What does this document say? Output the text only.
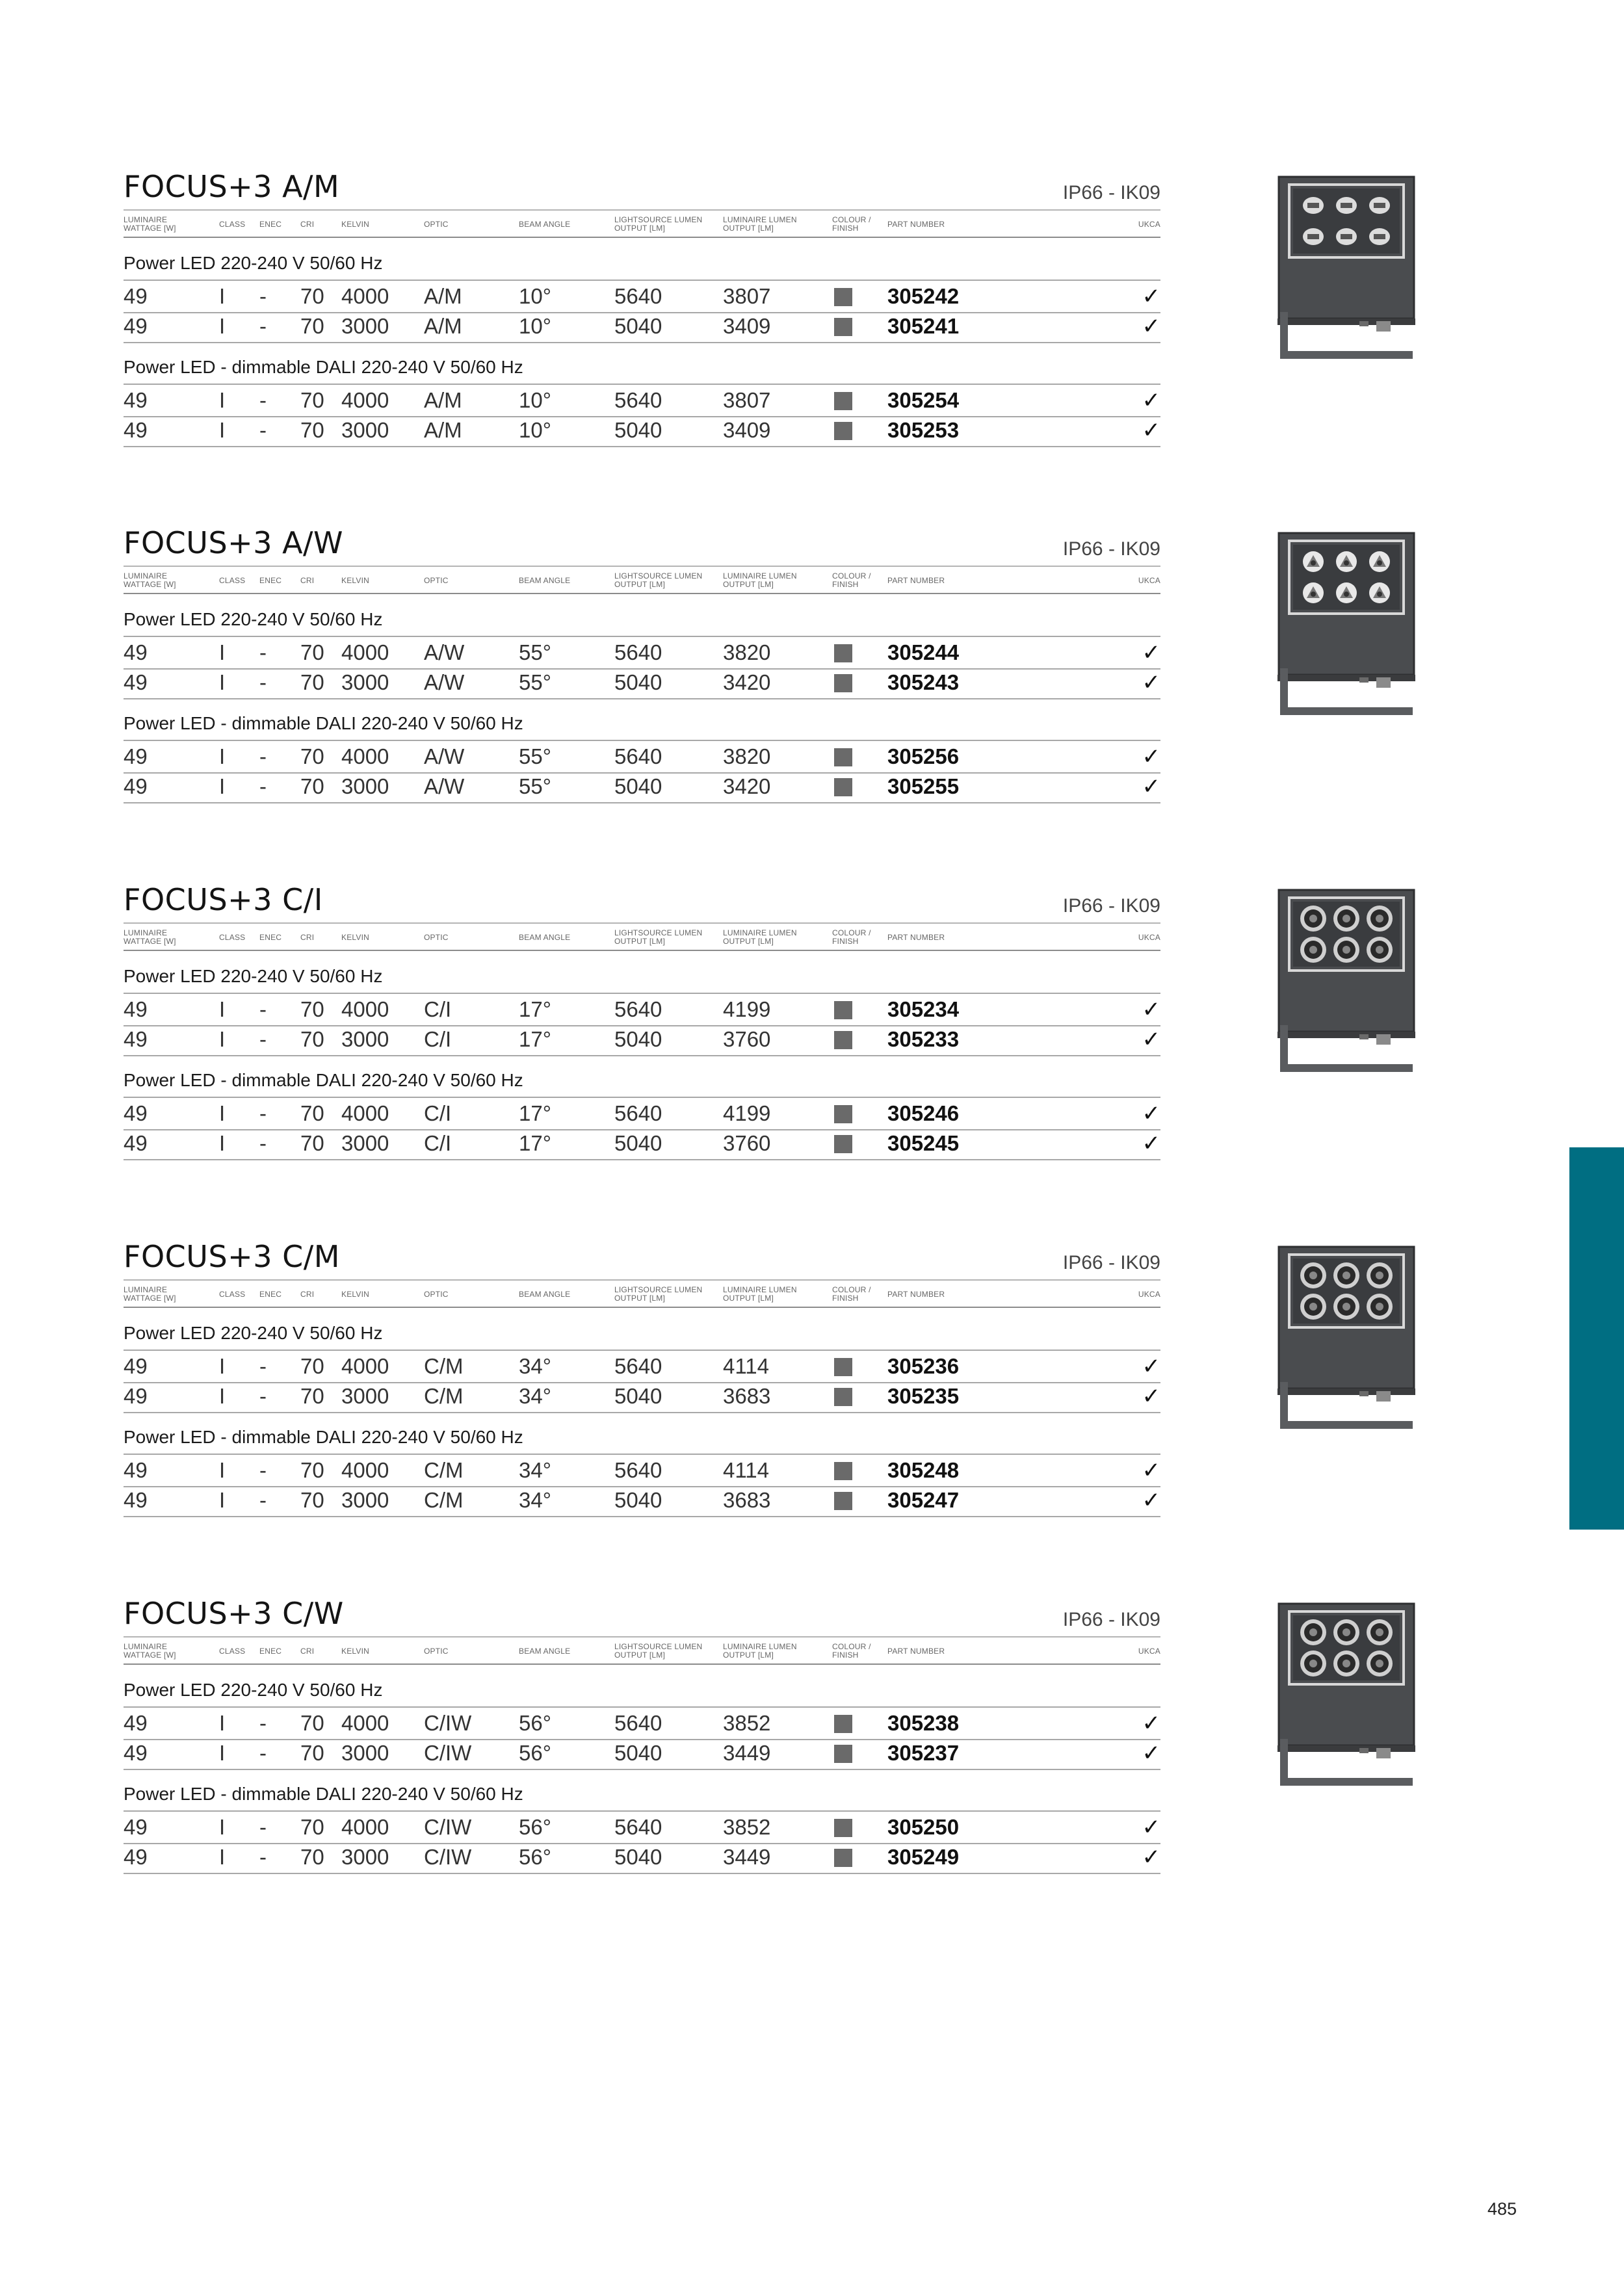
FOCUS+3 A/M	IP66 - IK09
LUMINAIRE WATTAGE [W]	CLASS	ENEC	CRI	KELVIN	OPTIC	BEAM ANGLE	LIGHTSOURCE LUMEN OUTPUT [LM]
LUMINAIRE LUMEN OUTPUT [LM]
COLOUR / FINISH	PART NUMBER	UKCA
Power LED 220-240 V 50/60 Hz
49	I - 70 4000 A/M	10°	5640	3807	305242	✓
49	I - 70 3000 A/M	10°	5040	3409	305241	✓
Power LED - dimmable DALI 220-240 V 50/60 Hz
49	I - 70 4000 A/M	10°	5640	3807	305254	✓
49	I - 70 3000 A/M	10°	5040	3409	305253	✓
FOCUS+3 A/W	IP66 - IK09
LUMINAIRE WATTAGE [W]	CLASS	ENEC	CRI	KELVIN	OPTIC	BEAM ANGLE	LIGHTSOURCE LUMEN OUTPUT [LM]
LUMINAIRE LUMEN OUTPUT [LM]
COLOUR / FINISH	PART NUMBER	UKCA
Power LED 220-240 V 50/60 Hz
49	I - 70 4000 A/W	55°	5640	3820	305244	✓
49	I - 70 3000 A/W	55°	5040	3420	305243	✓
Power LED - dimmable DALI 220-240 V 50/60 Hz
49	I - 70 4000 A/W	55°	5640	3820	305256	✓
49	I - 70 3000 A/W	55°	5040	3420	305255	✓
FOCUS+3 C/I	IP66 - IK09
LUMINAIRE WATTAGE [W]	CLASS	ENEC	CRI	KELVIN	OPTIC	BEAM ANGLE	LIGHTSOURCE LUMEN OUTPUT [LM]
LUMINAIRE LUMEN OUTPUT [LM]
COLOUR / FINISH	PART NUMBER	UKCA
Power LED 220-240 V 50/60 Hz
49	I - 70 4000 C/I	17°	5640	4199	305234	✓
49	I - 70 3000 C/I	17°	5040	3760	305233	✓
Power LED - dimmable DALI 220-240 V 50/60 Hz
49	I - 70 4000 C/I	17°	5640	4199	305246	✓
49	I - 70 3000 C/I	17°	5040	3760	305245	✓
FOCUS+3 C/M	IP66 - IK09
LUMINAIRE WATTAGE [W]	CLASS	ENEC	CRI	KELVIN	OPTIC	BEAM ANGLE	LIGHTSOURCE LUMEN OUTPUT [LM]
LUMINAIRE LUMEN OUTPUT [LM]
COLOUR / FINISH	PART NUMBER	UKCA
Power LED 220-240 V 50/60 Hz
49	I - 70 4000 C/M	34°	5640	4114	305236	✓
49	I - 70 3000 C/M	34°	5040	3683	305235	✓
Power LED - dimmable DALI 220-240 V 50/60 Hz
49	I - 70 4000 C/M	34°	5640	4114	305248	✓
49	I - 70 3000 C/M	34°	5040	3683	305247	✓
FOCUS+3 C/W	IP66 - IK09
LUMINAIRE WATTAGE [W]	CLASS	ENEC	CRI	KELVIN	OPTIC	BEAM ANGLE	LIGHTSOURCE LUMEN OUTPUT [LM]
LUMINAIRE LUMEN OUTPUT [LM]
COLOUR / FINISH	PART NUMBER	UKCA
Power LED 220-240 V 50/60 Hz
49	I - 70 4000 C/IW 56°	5640	3852	305238	✓
49	I - 70 3000 C/IW 56°	5040	3449	305237	✓
Power LED - dimmable DALI 220-240 V 50/60 Hz
49	I - 70 4000 C/IW 56°	5640	3852	305250	✓
49	I - 70 3000 C/IW 56°	5040	3449	305249	✓
485
